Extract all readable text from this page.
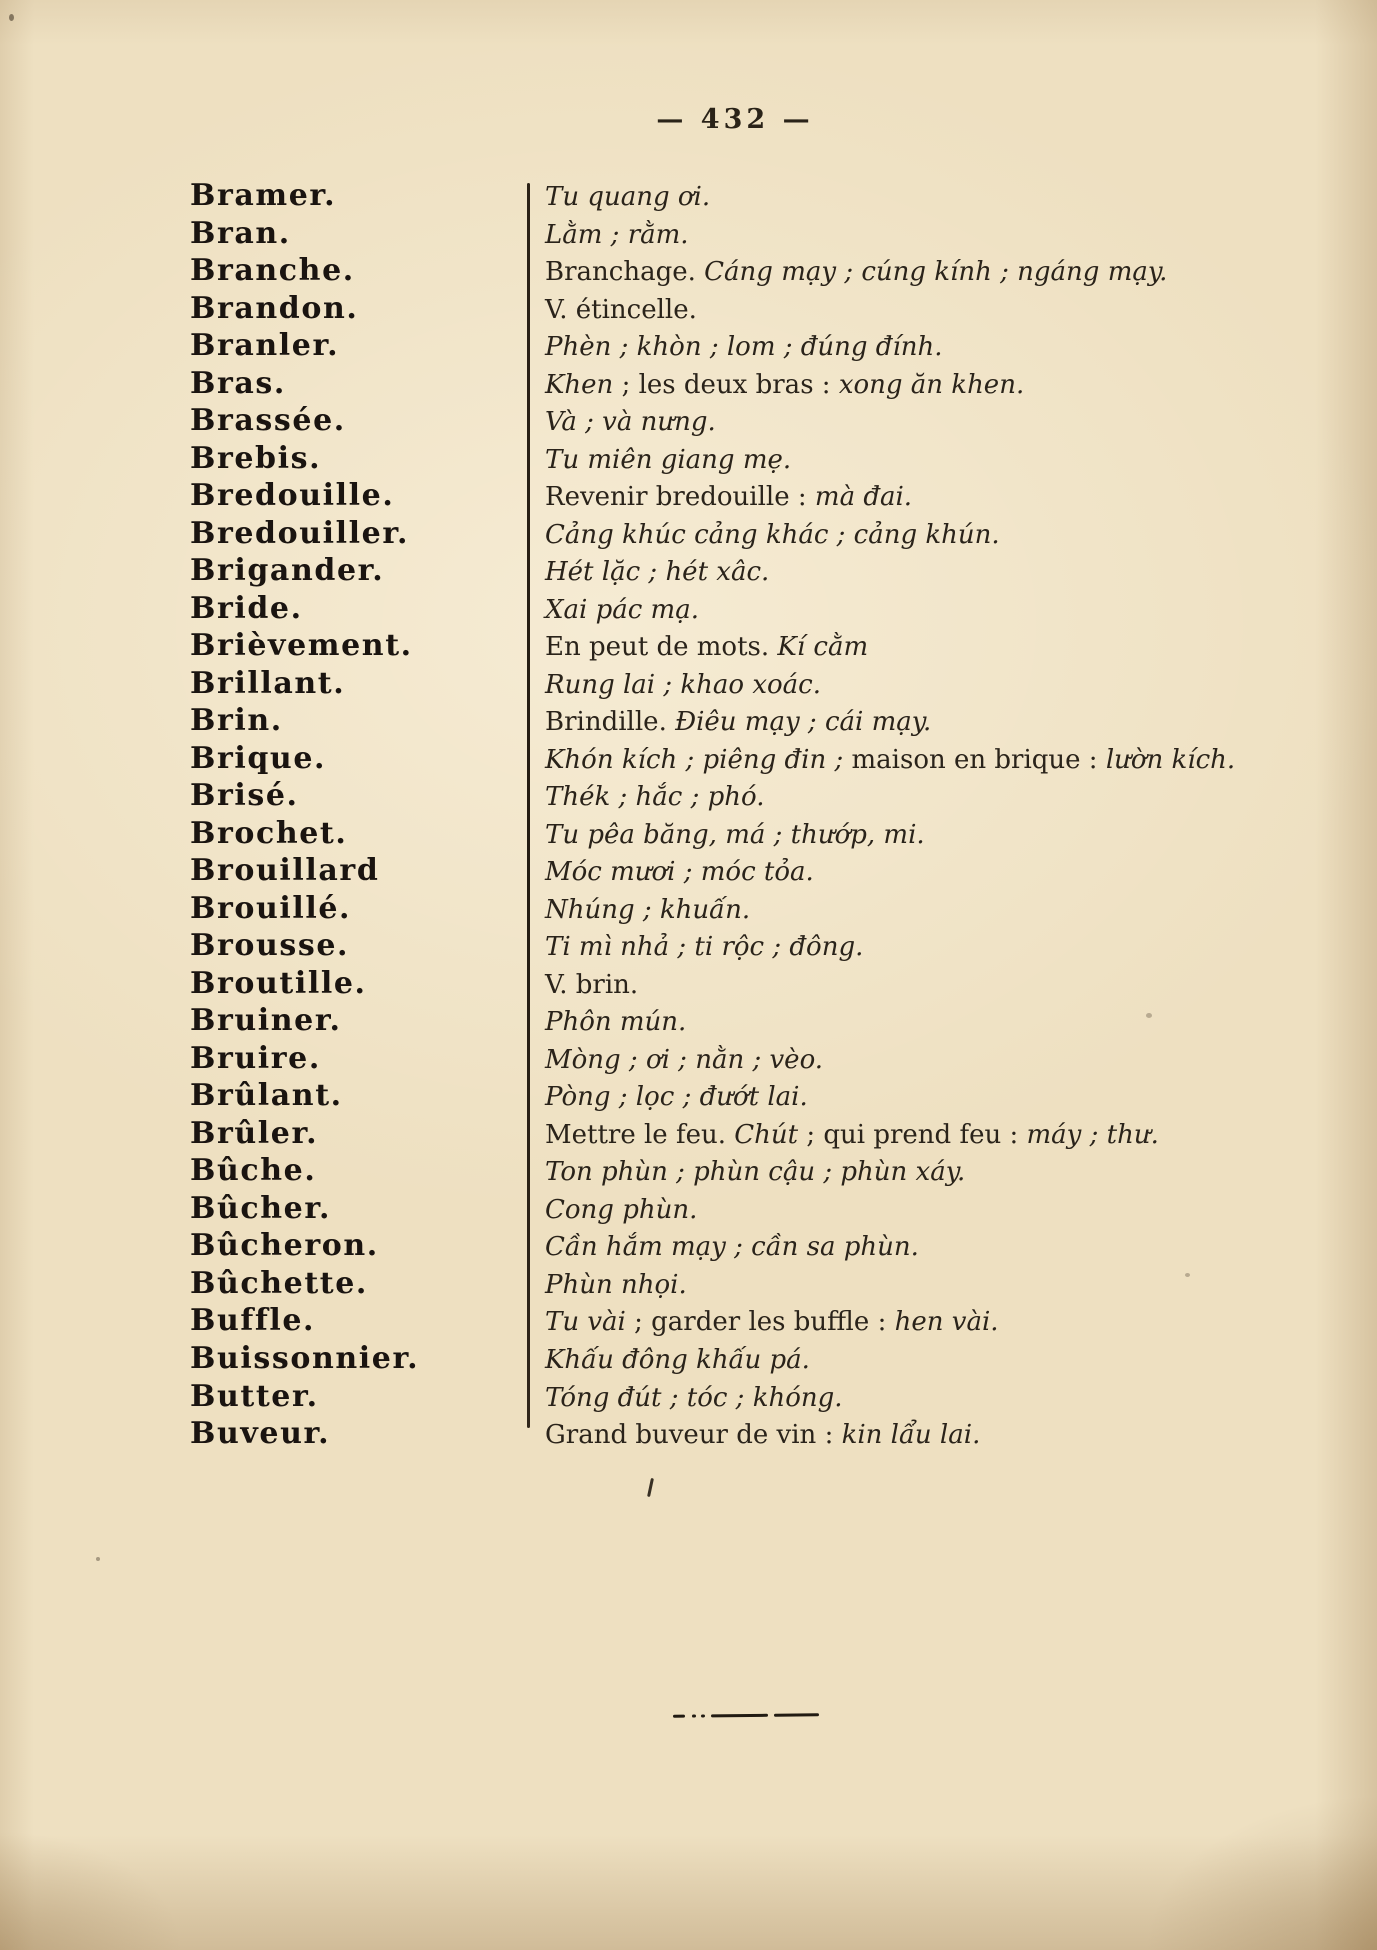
— 432 —
Bramer.	Tu quang ơi.
Bran.	Lằm ; rằm.
Branche.	Branchage. Cáng mạy ; cúng kính ; ngáng mạy.
Brandon.	V. étincelle.
Branler.	Phèn ; khòn ; lom ; đúng đính.
Bras.	Khen ; les deux bras : xong ăn khen.
Brassée.	Và ; và nưng.
Brebis.	Tu miên giang mẹ.
Bredouille.	Revenir bredouille : mà đai.
Bredouiller.	Cảng khúc cảng khác ; cảng khún.
Brigander.	Hét lặc ; hét xâc.
Bride.	Xai pác mạ.
Brièvement.	En peut de mots. Kí cằm
Brillant.	Rung lai ; khao xoác.
Brin.	Brindille. Điêu mạy ; cái mạy.
Brique.	Khón kích ; piêng đin ; maison en brique : lườn kích.
Brisé.	Thék ; hắc ; phó.
Brochet.	Tu pêa băng, má ; thướp, mi.
Brouillard	Móc mươi ; móc tỏa.
Brouillé.	Nhúng ; khuấn.
Brousse.	Ti mì nhả ; ti rộc ; đông.
Broutille.	V. brin.
Bruiner.	Phôn mún.
Bruire.	Mòng ; ơi ; nằn ; vèo.
Brûlant.	Pòng ; lọc ; đướt lai.
Brûler.	Mettre le feu. Chút ; qui prend feu : máy ; thư.
Bûche.	Ton phùn ; phùn cậu ; phùn xáy.
Bûcher.	Cong phùn.
Bûcheron.	Cần hắm mạy ; cần sa phùn.
Bûchette.	Phùn nhọi.
Buffle.	Tu vài ; garder les buffle : hen vài.
Buissonnier.	Khấu đông khấu pá.
Butter.	Tóng đút ; tóc ; khóng.
Buveur.	Grand buveur de vin : kin lẩu lai.
